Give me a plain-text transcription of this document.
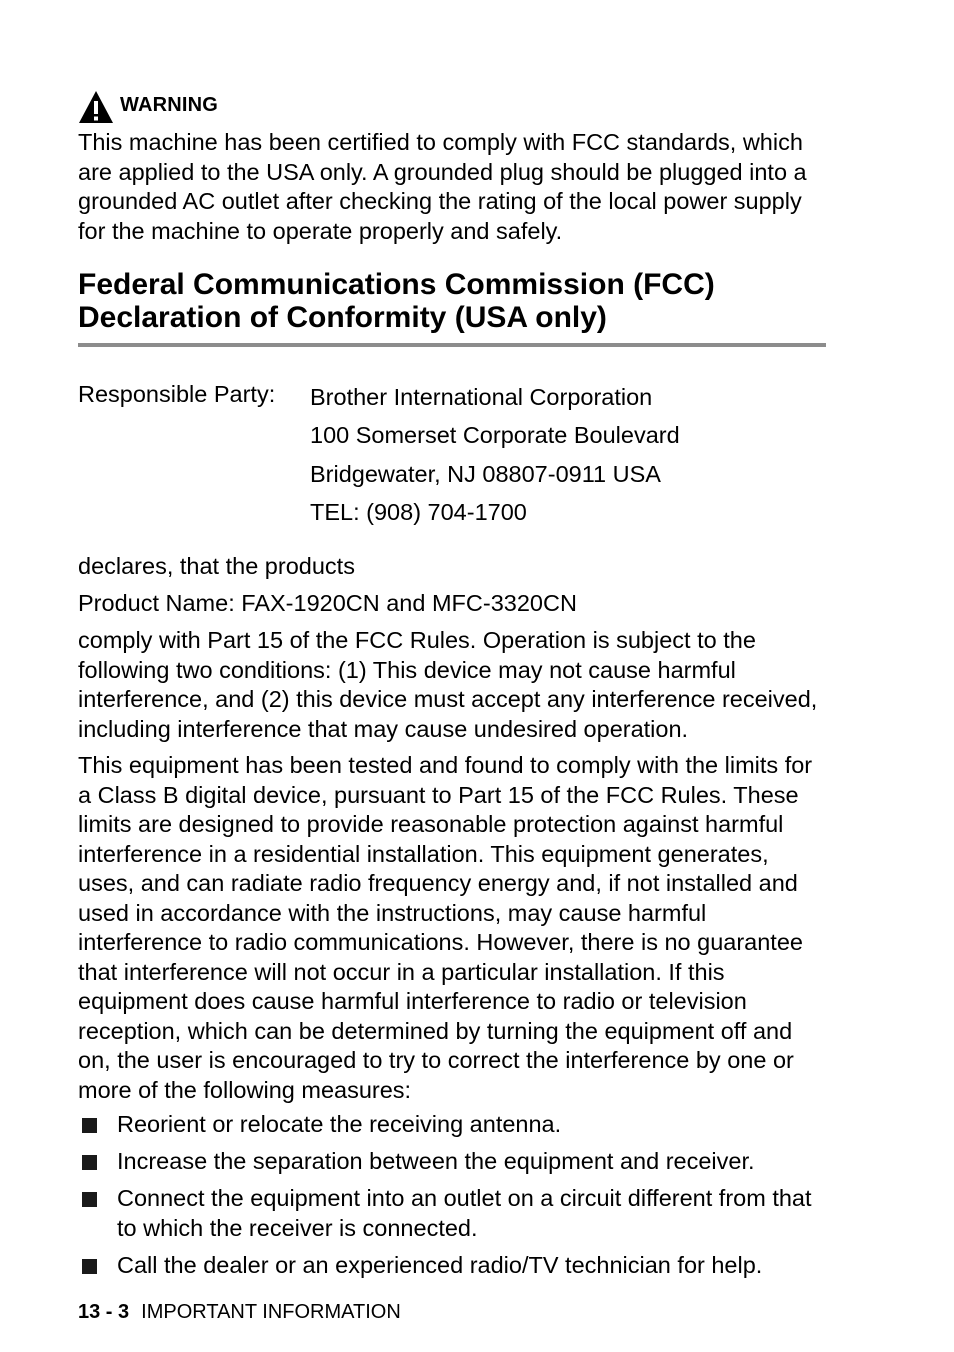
WARNING

This machine has been certified to comply with FCC standards, which are applied to the USA only. A grounded plug should be plugged into a grounded AC outlet after checking the rating of the local power supply for the machine to operate properly and safely.

Federal Communications Commission (FCC)
Declaration of Conformity (USA only)
Responsible Party: Brother International Corporation
100 Somerset Corporate Boulevard
Bridgewater, NJ 08807-0911 USA
TEL: (908) 704-1700

declares, that the products

Product Name: FAX-1920CN and MFC-3320CN

comply with Part 15 of the FCC Rules. Operation is subject to the following two conditions: (1) This device may not cause harmful interference, and (2) this device must accept any interference received, including interference that may cause undesired operation.

This equipment has been tested and found to comply with the limits for a Class B digital device, pursuant to Part 15 of the FCC Rules. These limits are designed to provide reasonable protection against harmful interference in a residential installation. This equipment generates, uses, and can radiate radio frequency energy and, if not installed and used in accordance with the instructions, may cause harmful interference to radio communications. However, there is no guarantee that interference will not occur in a particular installation. If this equipment does cause harmful interference to radio or television reception, which can be determined by turning the equipment off and on, the user is encouraged to try to correct the interference by one or more of the following measures:

Reorient or relocate the receiving antenna.
Increase the separation between the equipment and receiver.
Connect the equipment into an outlet on a circuit different from that to which the receiver is connected.
Call the dealer or an experienced radio/TV technician for help.
13 - 3 IMPORTANT INFORMATION
